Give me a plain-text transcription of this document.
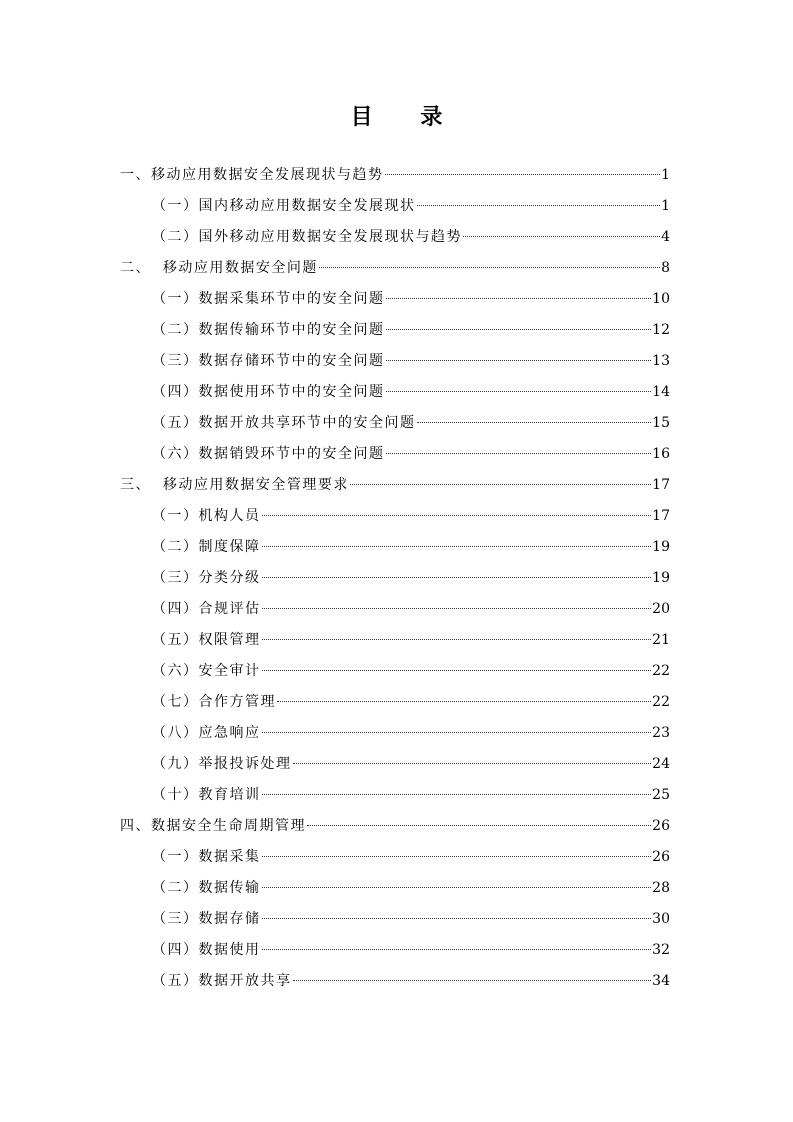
目 录
一、移动应用数据安全发展现状与趋势	1
（一）国内移动应用数据安全发展现状	1
（二）国外移动应用数据安全发展现状与趋势	4
二、  移动应用数据安全问题	8
（一）数据采集环节中的安全问题	10
（二）数据传输环节中的安全问题	12
（三）数据存储环节中的安全问题	13
（四）数据使用环节中的安全问题	14
（五）数据开放共享环节中的安全问题	15
（六）数据销毁环节中的安全问题	16
三、  移动应用数据安全管理要求	17
（一）机构人员	17
（二）制度保障	19
（三）分类分级	19
（四）合规评估	20
（五）权限管理	21
（六）安全审计	22
（七）合作方管理	22
（八）应急响应	23
（九）举报投诉处理	24
（十）教育培训	25
四、数据安全生命周期管理	26
（一）数据采集	26
（二）数据传输	28
（三）数据存储	30
（四）数据使用	32
（五）数据开放共享	34
